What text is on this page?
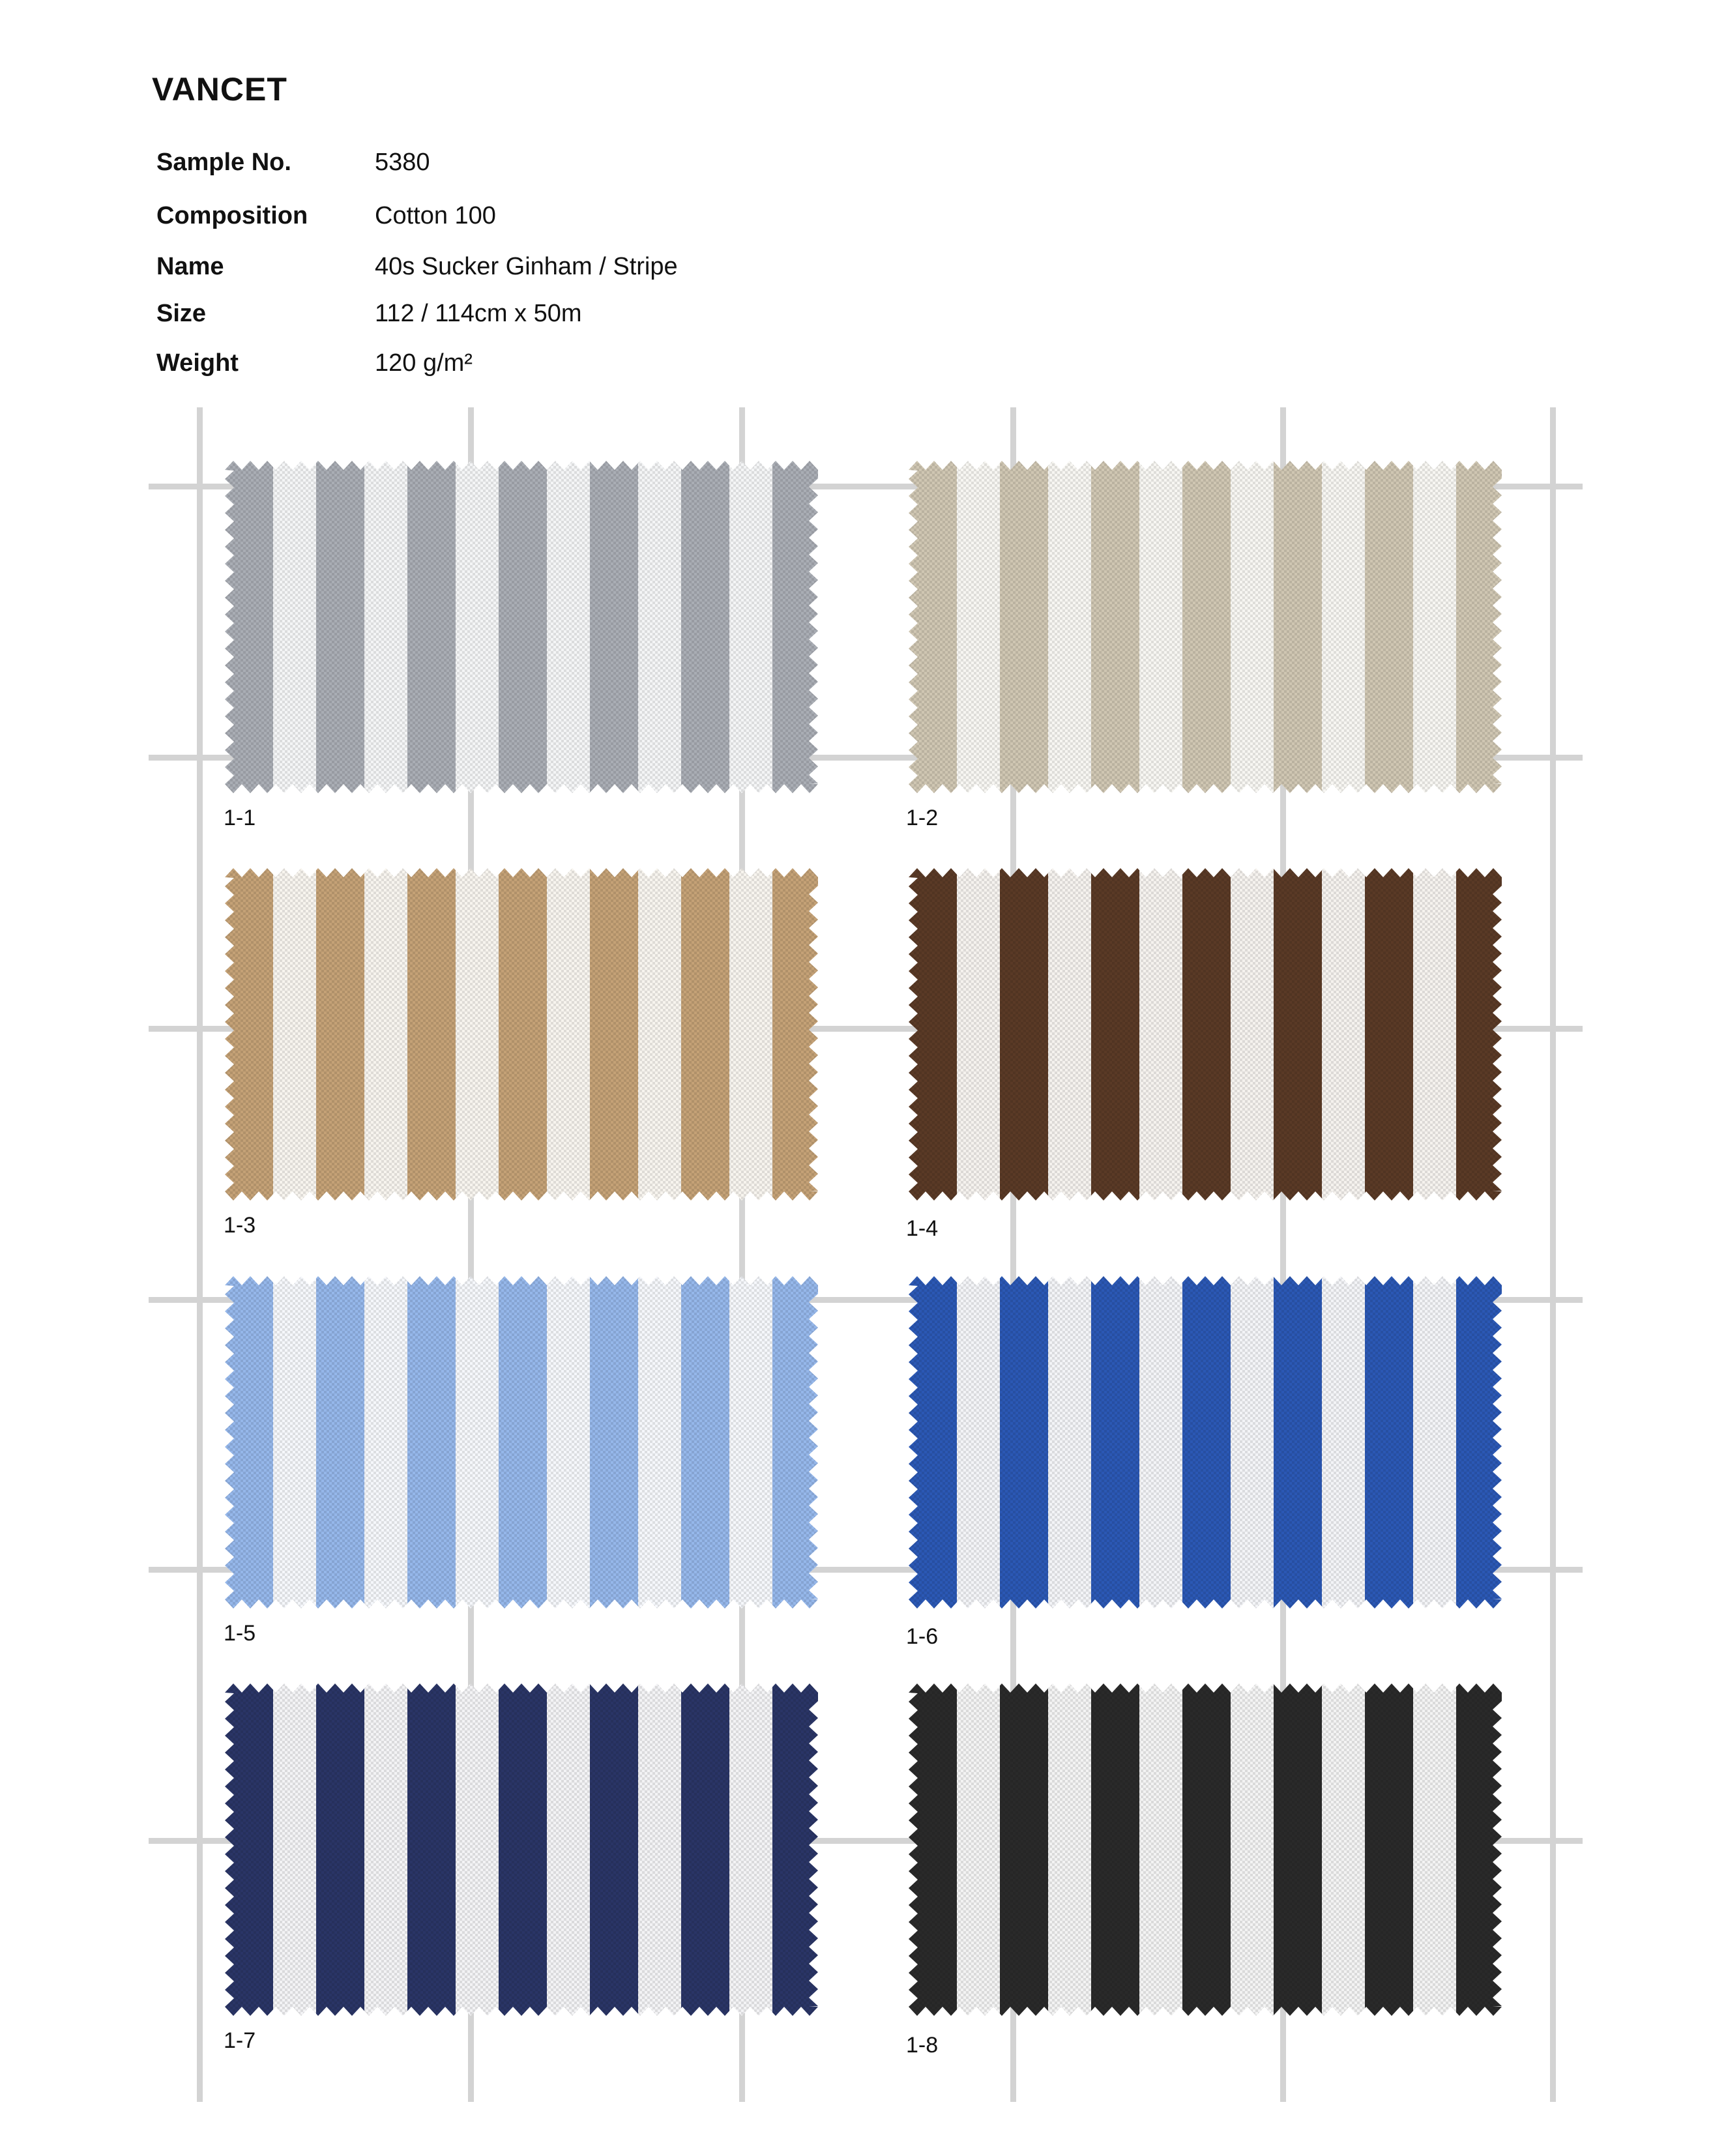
VANCET
Sample No.	5380
Composition	Cotton 100
Name	40s Sucker Ginham / Stripe
Size	112 / 114cm x 50m
Weight	120 g/m²
1-1	1-2
1-3	1-4
1-5	1-6
1-7	1-8
